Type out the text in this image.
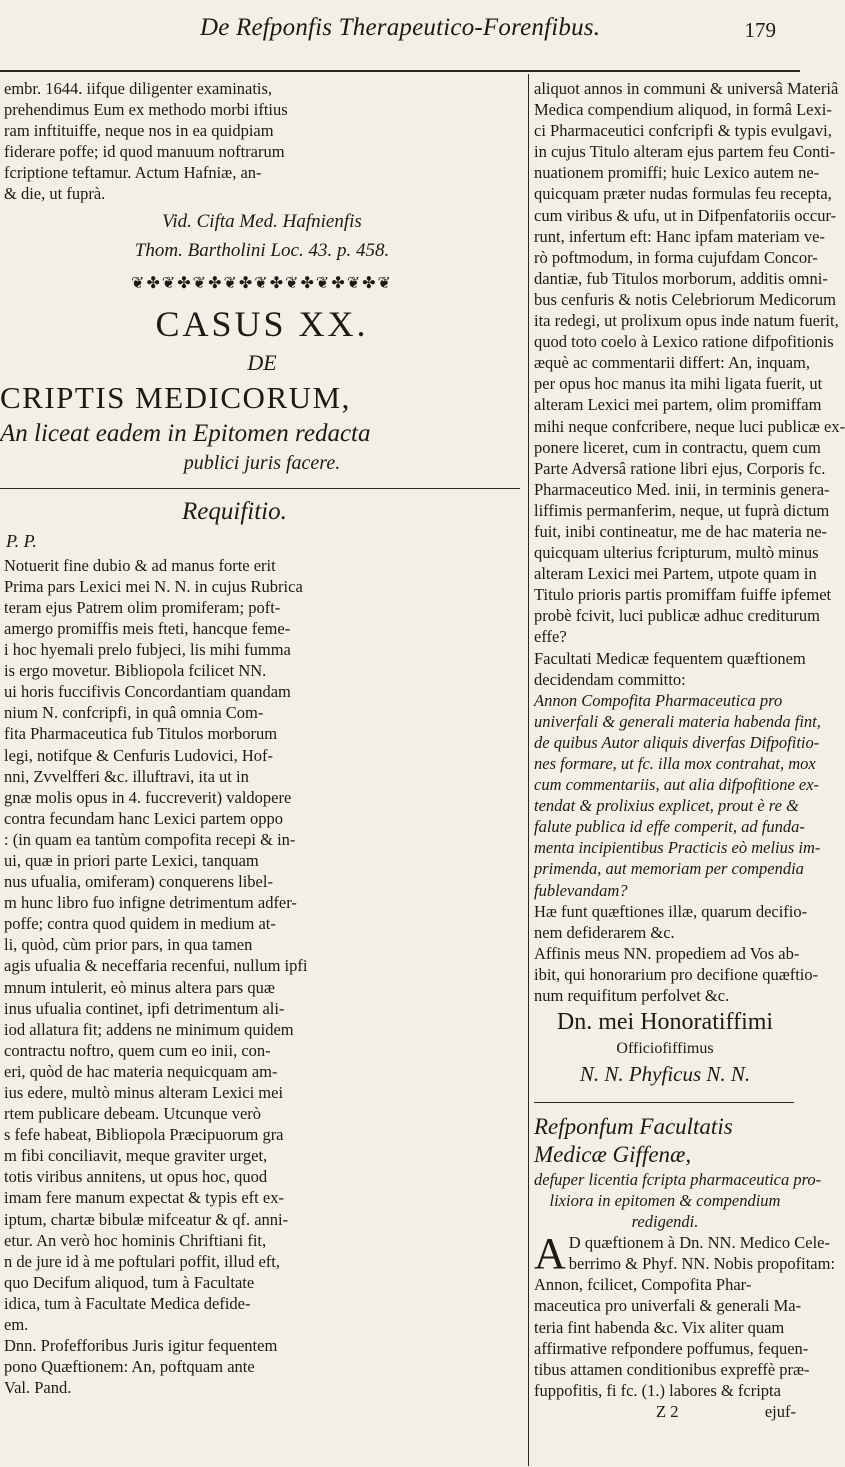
De Refponfis Therapeutico-Forenfibus.	179
embr. 1644. iifque diligenter examinatis,
prehendimus Eum ex methodo morbi iftius
ram inftituiffe, neque nos in ea quidpiam
fiderare poffe; id quod manuum noftrarum
fcriptione teftamur. Actum Hafniæ, an-
& die, ut fuprà.
Vid. Cifta Med. Hafnienfis
Thom. Bartholini Loc. 43. p. 458.
❦✤❦✤❦✤❦✤❦✤❦✤❦✤❦✤❦
CASUS XX.
DE
CRIPTIS MEDICORUM,
An liceat eadem in Epitomen redacta
publici juris facere.
Requifitio.
P. P.
Notuerit fine dubio & ad manus forte erit
Prima pars Lexici mei N. N. in cujus Rubrica
teram ejus Patrem olim promiferam; poft-
amergo promiffis meis fteti, hancque feme-
i hoc hyemali prelo fubjeci, lis mihi fumma
is ergo movetur. Bibliopola fcilicet NN.
ui horis fuccifivis Concordantiam quandam
nium N. confcripfi, in quâ omnia Com-
fita Pharmaceutica fub Titulos morborum
legi, notifque & Cenfuris Ludovici, Hof-
nni, Zvvelfferi &c. illuftravi, ita ut in
gnæ molis opus in 4. fuccreverit) valdopere
contra fecundam hanc Lexici partem oppo
: (in quam ea tantùm compofita recepi & in-
ui, quæ in priori parte Lexici, tanquam
nus ufualia, omiferam) conquerens libel-
m hunc libro fuo infigne detrimentum adfer-
poffe; contra quod quidem in medium at-
li, quòd, cùm prior pars, in qua tamen
agis ufualia & neceffaria recenfui, nullum ipfi
mnum intulerit, eò minus altera pars quæ
inus ufualia continet, ipfi detrimentum ali-
iod allatura fit; addens ne minimum quidem
contractu noftro, quem cum eo inii, con-
eri, quòd de hac materia nequicquam am-
ius edere, multò minus alteram Lexici mei
rtem publicare debeam. Utcunque verò
s fefe habeat, Bibliopola Præcipuorum gra
m fibi conciliavit, meque graviter urget,
totis viribus annitens, ut opus hoc, quod
imam fere manum expectat & typis eft ex-
iptum, chartæ bibulæ mifceatur & qf. anni-
etur. An verò hoc hominis Chriftiani fit,
n de jure id à me poftulari poffit, illud eft,
quo Decifum aliquod, tum à Facultate
idica, tum à Facultate Medica defide-
em.
Dnn. Profefforibus Juris igitur fequentem
pono Quæftionem: An, poftquam ante
Val. Pand.
aliquot annos in communi & universâ Materiâ
Medica compendium aliquod, in formâ Lexi-
ci Pharmaceutici confcripfi & typis evulgavi,
in cujus Titulo alteram ejus partem feu Conti-
nuationem promiffi; huic Lexico autem ne-
quicquam præter nudas formulas feu recepta,
cum viribus & ufu, ut in Difpenfatoriis occur-
runt, infertum eft: Hanc ipfam materiam ve-
rò poftmodum, in forma cujufdam Concor-
dantiæ, fub Titulos morborum, additis omni-
bus cenfuris & notis Celebriorum Medicorum
ita redegi, ut prolixum opus inde natum fuerit,
quod toto coelo à Lexico ratione difpofitionis
æquè ac commentarii differt: An, inquam,
per opus hoc manus ita mihi ligata fuerit, ut
alteram Lexici mei partem, olim promiffam
mihi neque confcribere, neque luci publicæ ex-
ponere liceret, cum in contractu, quem cum
Parte Adversâ ratione libri ejus, Corporis fc.
Pharmaceutico Med. inii, in terminis genera-
liffimis permanferim, neque, ut fuprà dictum
fuit, inibi contineatur, me de hac materia ne-
quicquam ulterius fcripturum, multò minus
alteram Lexici mei Partem, utpote quam in
Titulo prioris partis promiffam fuiffe ipfemet
probè fcivit, luci publicæ adhuc crediturum
effe?
Facultati Medicæ fequentem quæftionem
decidendam committo:
Annon Compofita Pharmaceutica pro
univerfali & generali materia habenda fint,
de quibus Autor aliquis diverfas Difpofitio-
nes formare, ut fc. illa mox contrahat, mox
cum commentariis, aut alia difpofitione ex-
tendat & prolixius explicet, prout è re &
falute publica id effe comperit, ad funda-
menta incipientibus Practicis eò melius im-
primenda, aut memoriam per compendia
fublevandam?
Hæ funt quæftiones illæ, quarum decifio-
nem defiderarem &c.
Affinis meus NN. propediem ad Vos ab-
ibit, qui honorarium pro decifione quæftio-
num requifitum perfolvet &c.
Dn. mei Honoratiffimi
Officiofiffimus
N. N. Phyficus N. N.
Refponfum Facultatis Medicæ Giffenæ,
defuper licentia fcripta pharmaceutica pro-
lixiora in epitomen & compendium
redigendi.
A D quæftionem à Dn. NN. Medico Cele-
berrimo & Phyf. NN. Nobis propofitam:
Annon, fcilicet, Compofita Phar-
maceutica pro univerfali & generali Ma-
teria fint habenda &c. Vix aliter quam
affirmative refpondere poffumus, fequen-
tibus attamen conditionibus expreffè præ-
fuppofitis, fi fc. (1.) labores & fcripta
Z 2	ejuf-
